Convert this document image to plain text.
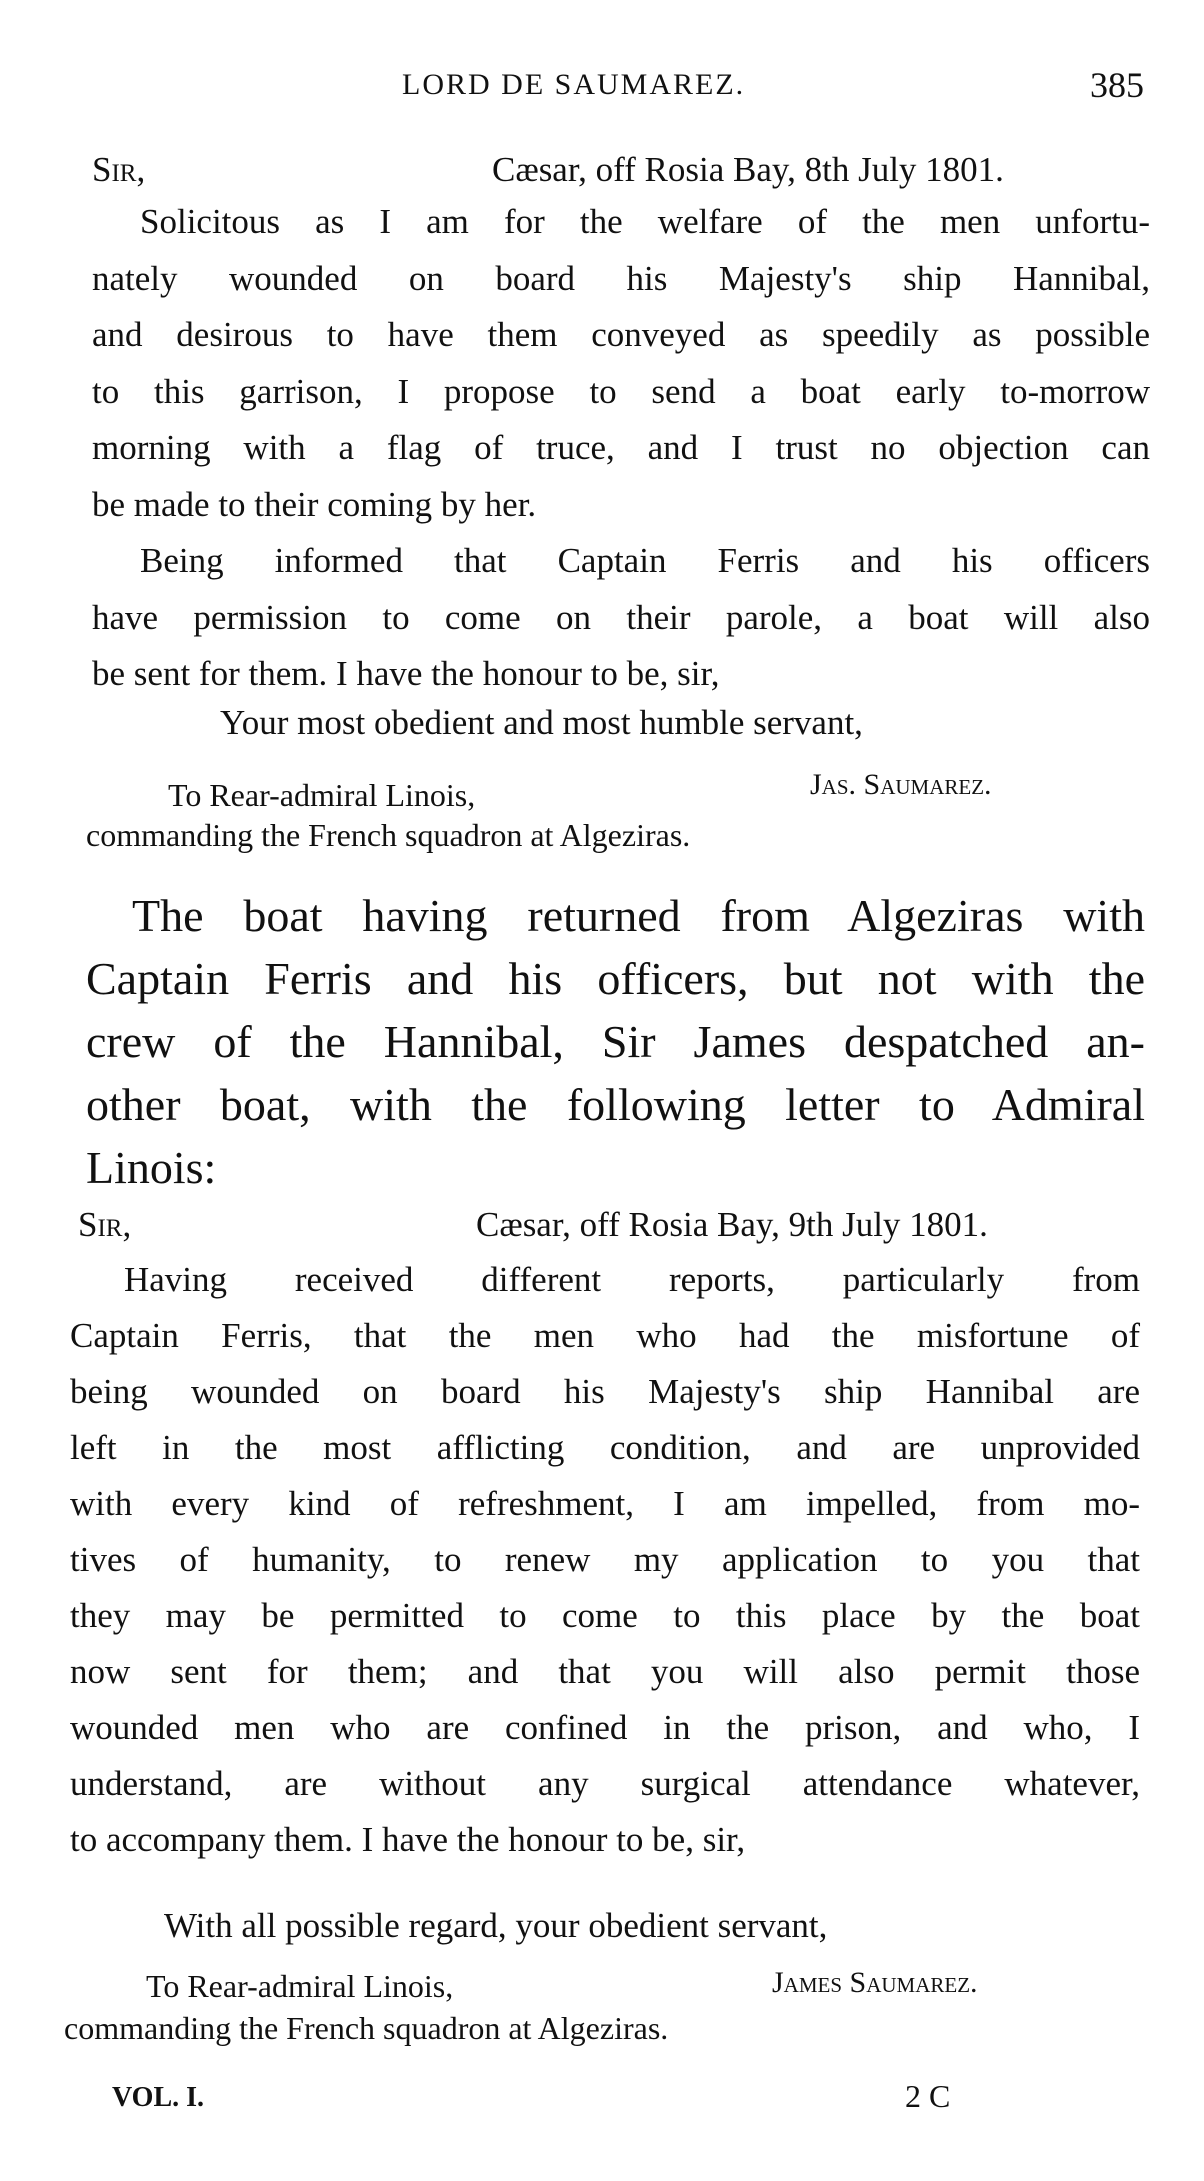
LORD DE SAUMAREZ.	385
Sir,	Cæsar, off Rosia Bay, 8th July 1801.
Solicitous as I am for the welfare of the men unfortu-
nately wounded on board his Majesty's ship Hannibal,
and desirous to have them conveyed as speedily as possible
to this garrison, I propose to send a boat early to-morrow
morning with a flag of truce, and I trust no objection can
be made to their coming by her.
Being informed that Captain Ferris and his officers
have permission to come on their parole, a boat will also
be sent for them. I have the honour to be, sir,
Your most obedient and most humble servant,
Jas. Saumarez.
To Rear-admiral Linois,
commanding the French squadron at Algeziras.
The boat having returned from Algeziras with
Captain Ferris and his officers, but not with the
crew of the Hannibal, Sir James despatched an-
other boat, with the following letter to Admiral
Linois:
Sir,	Cæsar, off Rosia Bay, 9th July 1801.
Having received different reports, particularly from
Captain Ferris, that the men who had the misfortune of
being wounded on board his Majesty's ship Hannibal are
left in the most afflicting condition, and are unprovided
with every kind of refreshment, I am impelled, from mo-
tives of humanity, to renew my application to you that
they may be permitted to come to this place by the boat
now sent for them; and that you will also permit those
wounded men who are confined in the prison, and who, I
understand, are without any surgical attendance whatever,
to accompany them. I have the honour to be, sir,
With all possible regard, your obedient servant,
James Saumarez.
To Rear-admiral Linois,
commanding the French squadron at Algeziras.
VOL. I.	2 C
